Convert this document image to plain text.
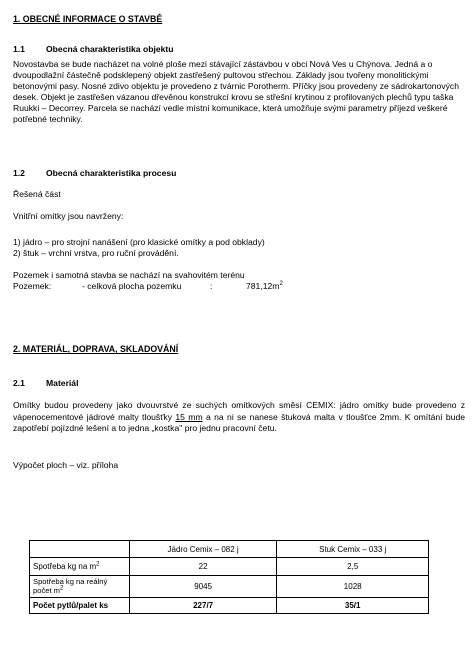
1. OBECNÉ INFORMACE O STAVBĚ
1.1 Obecná charakteristika objektu
Novostavba se bude nacházet na volné ploše mezi stávající zástavbou v obci Nová Ves u Chýnova. Jedná a o dvoupodlažní částečně podsklepený objekt zastřešený pultovou střechou. Základy jsou tvořeny monolitickými betonovými pasy. Nosné zdivo objektu je provedeno z tvárnic Porotherm. Příčky jsou provedeny ze sádrokartonových desek. Objekt je zastřešen vázanou dřevěnou konstrukcí krovu se střešní krytinou z profilovaných plechů typu taška Ruukki – Decorrey. Parcela se nachází vedle místní komunikace, která umožňuje svými parametry příjezd veškeré potřebné techniky.
1.2 Obecná charakteristika procesu
Řešená část
Vnitřní omítky jsou navrženy:
1) jádro – pro strojní nanášení (pro klasické omítky a pod obklady)
2) štuk – vrchní vrstva, pro ruční provádění.
Pozemek i samotná stavba se nachází na svahovitém terénu
Pozemek:	- celková plocha pozemku	:	$781,12m^2$
2. MATERIÁL, DOPRAVA, SKLADOVÁNÍ
2.1 Materiál
Omítky budou provedeny jako dvouvrstvé ze suchých omítkových směsí CEMIX: jádro omítky bude provedeno z vápenocementové jádrové malty tloušťky 15 mm a na ni se nanese štuková malta v tloušťce 2mm. K omítání bude zapotřebí pojízdné lešení a to jedna „kostka" pro jednu pracovní četu.
Výpočet ploch – viz. příloha
	Jádro Cemix – 082 j	Stuk Cemix – 033 j
Spotřeba kg na $m^2$	22	2,5
Spotřeba kg na reálný
počet $m^2$	9045	1028
Počet pytlů/palet ks	227/7	35/1
